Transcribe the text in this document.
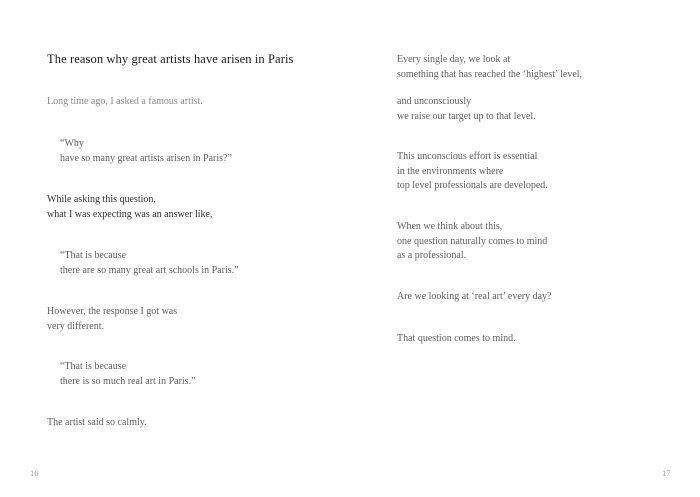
The reason why great artists have arisen in Paris
Long time ago, I asked a famous artist.
“Why
have so many great artists arisen in Paris?”
While asking this question,
what I was expecting was an answer like,
“That is because
there are so many great art schools in Paris.”
However, the response I got was
very different.
“That is because
there is so much real art in Paris.”
The artist said so calmly.
16
Every single day, we look at
something that has reached the ‘highest’ level,
and unconsciously
we raise our target up to that level.
This unconscious effort is essential
in the environments where
top level professionals are developed.
When we think about this,
one question naturally comes to mind
as a professional.
Are we looking at ‘real art’ every day?
That question comes to mind.
17
